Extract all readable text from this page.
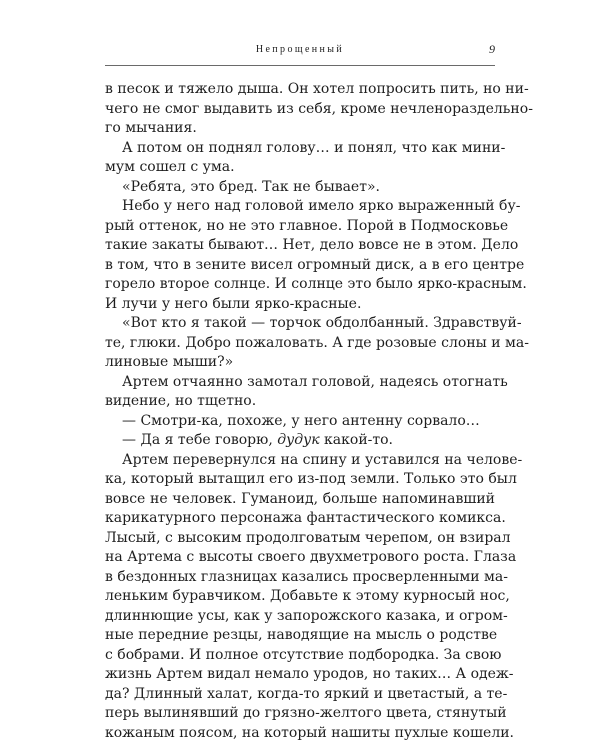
Непрощенный	9
в песок и тяжело дыша. Он хотел попросить пить, но ни-
чего не смог выдавить из себя, кроме нечленораздельно-
го мычания.
А потом он поднял голову… и понял, что как мини-
мум сошел с ума.
«Ребята, это бред. Так не бывает».
Небо у него над головой имело ярко выраженный бу-
рый оттенок, но не это главное. Порой в Подмосковье
такие закаты бывают… Нет, дело вовсе не в этом. Дело
в том, что в зените висел огромный диск, а в его центре
горело второе солнце. И солнце это было ярко-красным.
И лучи у него были ярко-красные.
«Вот кто я такой — торчок обдолбанный. Здравствуй-
те, глюки. Добро пожаловать. А где розовые слоны и ма-
линовые мыши?»
Артем отчаянно замотал головой, надеясь отогнать
видение, но тщетно.
— Смотри-ка, похоже, у него антенну сорвало…
— Да я тебе говорю, дудук какой-то.
Артем перевернулся на спину и уставился на челове-
ка, который вытащил его из-под земли. Только это был
вовсе не человек. Гуманоид, больше напоминавший
карикатурного персонажа фантастического комикса.
Лысый, с высоким продолговатым черепом, он взирал
на Артема с высоты своего двухметрового роста. Глаза
в бездонных глазницах казались просверленными ма-
леньким буравчиком. Добавьте к этому курносый нос,
длиннющие усы, как у запорожского казака, и огром-
ные передние резцы, наводящие на мысль о родстве
с бобрами. И полное отсутствие подбородка. За свою
жизнь Артем видал немало уродов, но таких… А одеж-
да? Длинный халат, когда-то яркий и цветастый, а те-
перь вылинявший до грязно-желтого цвета, стянутый
кожаным поясом, на который нашиты пухлые кошели.
